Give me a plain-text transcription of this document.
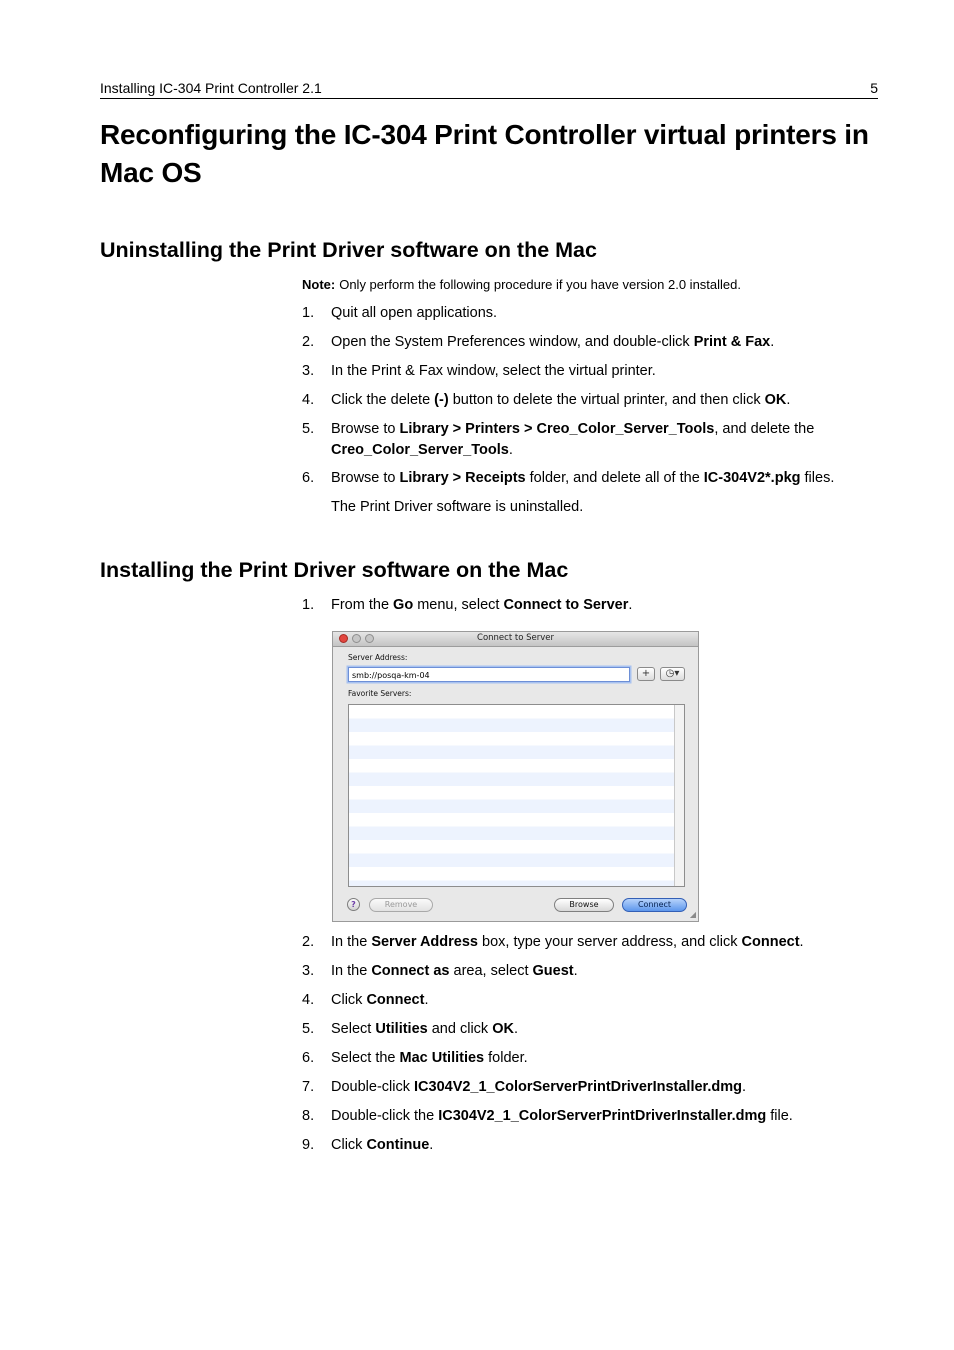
Installing IC-304 Print Controller 2.1	5
Reconfiguring the IC-304 Print Controller virtual printers in Mac OS
Uninstalling the Print Driver software on the Mac
Note: Only perform the following procedure if you have version 2.0 installed.
1. Quit all open applications.
2. Open the System Preferences window, and double-click Print & Fax.
3. In the Print & Fax window, select the virtual printer.
4. Click the delete (-) button to delete the virtual printer, and then click OK.
5. Browse to Library > Printers > Creo_Color_Server_Tools, and delete the Creo_Color_Server_Tools.
6. Browse to Library > Receipts folder, and delete all of the IC-304V2*.pkg files.
The Print Driver software is uninstalled.
Installing the Print Driver software on the Mac
1. From the Go menu, select Connect to Server.
Connect to Server
Server Address:
smb://posqa-km-04	+	◷▾
Favorite Servers:
?	Remove	Browse	Connect
◢
2. In the Server Address box, type your server address, and click Connect.
3. In the Connect as area, select Guest.
4. Click Connect.
5. Select Utilities and click OK.
6. Select the Mac Utilities folder.
7. Double-click IC304V2_1_ColorServerPrintDriverInstaller.dmg.
8. Double-click the IC304V2_1_ColorServerPrintDriverInstaller.dmg file.
9. Click Continue.
